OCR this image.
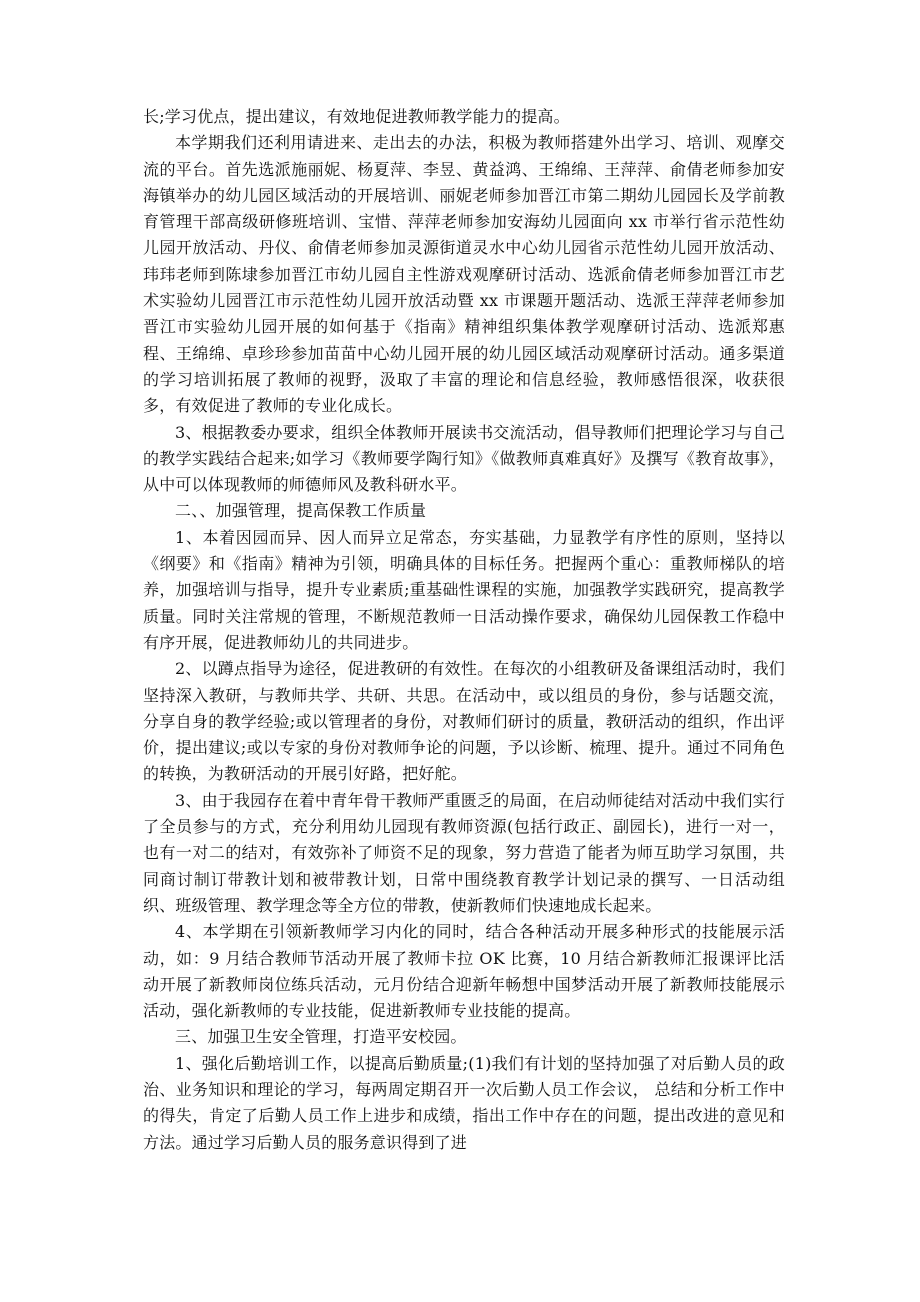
长;学习优点，提出建议，有效地促进教师教学能力的提高。

本学期我们还利用请进来、走出去的办法，积极为教师搭建外出学习、培训、观摩交流的平台。首先选派施丽妮、杨夏萍、李昱、黄益鸿、王绵绵、王萍萍、俞倩老师参加安海镇举办的幼儿园区域活动的开展培训、丽妮老师参加晋江市第二期幼儿园园长及学前教育管理干部高级研修班培训、宝惜、萍萍老师参加安海幼儿园面向 xx 市举行省示范性幼儿园开放活动、丹仪、俞倩老师参加灵源街道灵水中心幼儿园省示范性幼儿园开放活动、玮玮老师到陈埭参加晋江市幼儿园自主性游戏观摩研讨活动、选派俞倩老师参加晋江市艺术实验幼儿园晋江市示范性幼儿园开放活动暨 xx 市课题开题活动、选派王萍萍老师参加晋江市实验幼儿园开展的如何基于《指南》精神组织集体教学观摩研讨活动、选派郑惠程、王绵绵、卓珍珍参加苗苗中心幼儿园开展的幼儿园区域活动观摩研讨活动。通多渠道的学习培训拓展了教师的视野，汲取了丰富的理论和信息经验，教师感悟很深，收获很多，有效促进了教师的专业化成长。

3、根据教委办要求，组织全体教师开展读书交流活动，倡导教师们把理论学习与自己的教学实践结合起来;如学习《教师要学陶行知》《做教师真难真好》及撰写《教育故事》，从中可以体现教师的师德师风及教科研水平。

二、、加强管理，提高保教工作质量

1、本着因园而异、因人而异立足常态，夯实基础，力显教学有序性的原则，坚持以《纲要》和《指南》精神为引领，明确具体的目标任务。把握两个重心：重教师梯队的培养，加强培训与指导，提升专业素质;重基础性课程的实施，加强教学实践研究，提高教学质量。同时关注常规的管理，不断规范教师一日活动操作要求，确保幼儿园保教工作稳中有序开展，促进教师幼儿的共同进步。

2、以蹲点指导为途径，促进教研的有效性。在每次的小组教研及备课组活动时，我们坚持深入教研，与教师共学、共研、共思。在活动中，或以组员的身份，参与话题交流，分享自身的教学经验;或以管理者的身份，对教师们研讨的质量，教研活动的组织，作出评价，提出建议;或以专家的身份对教师争论的问题，予以诊断、梳理、提升。通过不同角色的转换，为教研活动的开展引好路，把好舵。

3、由于我园存在着中青年骨干教师严重匮乏的局面，在启动师徒结对活动中我们实行了全员参与的方式，充分利用幼儿园现有教师资源(包括行政正、副园长)，进行一对一，也有一对二的结对，有效弥补了师资不足的现象，努力营造了能者为师互助学习氛围，共同商讨制订带教计划和被带教计划，日常中围绕教育教学计划记录的撰写、一日活动组织、班级管理、教学理念等全方位的带教，使新教师们快速地成长起来。

4、本学期在引领新教师学习内化的同时，结合各种活动开展多种形式的技能展示活动，如：9 月结合教师节活动开展了教师卡拉 OK 比赛，10 月结合新教师汇报课评比活动开展了新教师岗位练兵活动，元月份结合迎新年畅想中国梦活动开展了新教师技能展示活动，强化新教师的专业技能，促进新教师专业技能的提高。

三、加强卫生安全管理，打造平安校园。

1、强化后勤培训工作，以提高后勤质量;(1)我们有计划的坚持加强了对后勤人员的政治、业务知识和理论的学习，每两周定期召开一次后勤人员工作会议， 总结和分析工作中的得失，肯定了后勤人员工作上进步和成绩，指出工作中存在的问题，提出改进的意见和方法。通过学习后勤人员的服务意识得到了进
